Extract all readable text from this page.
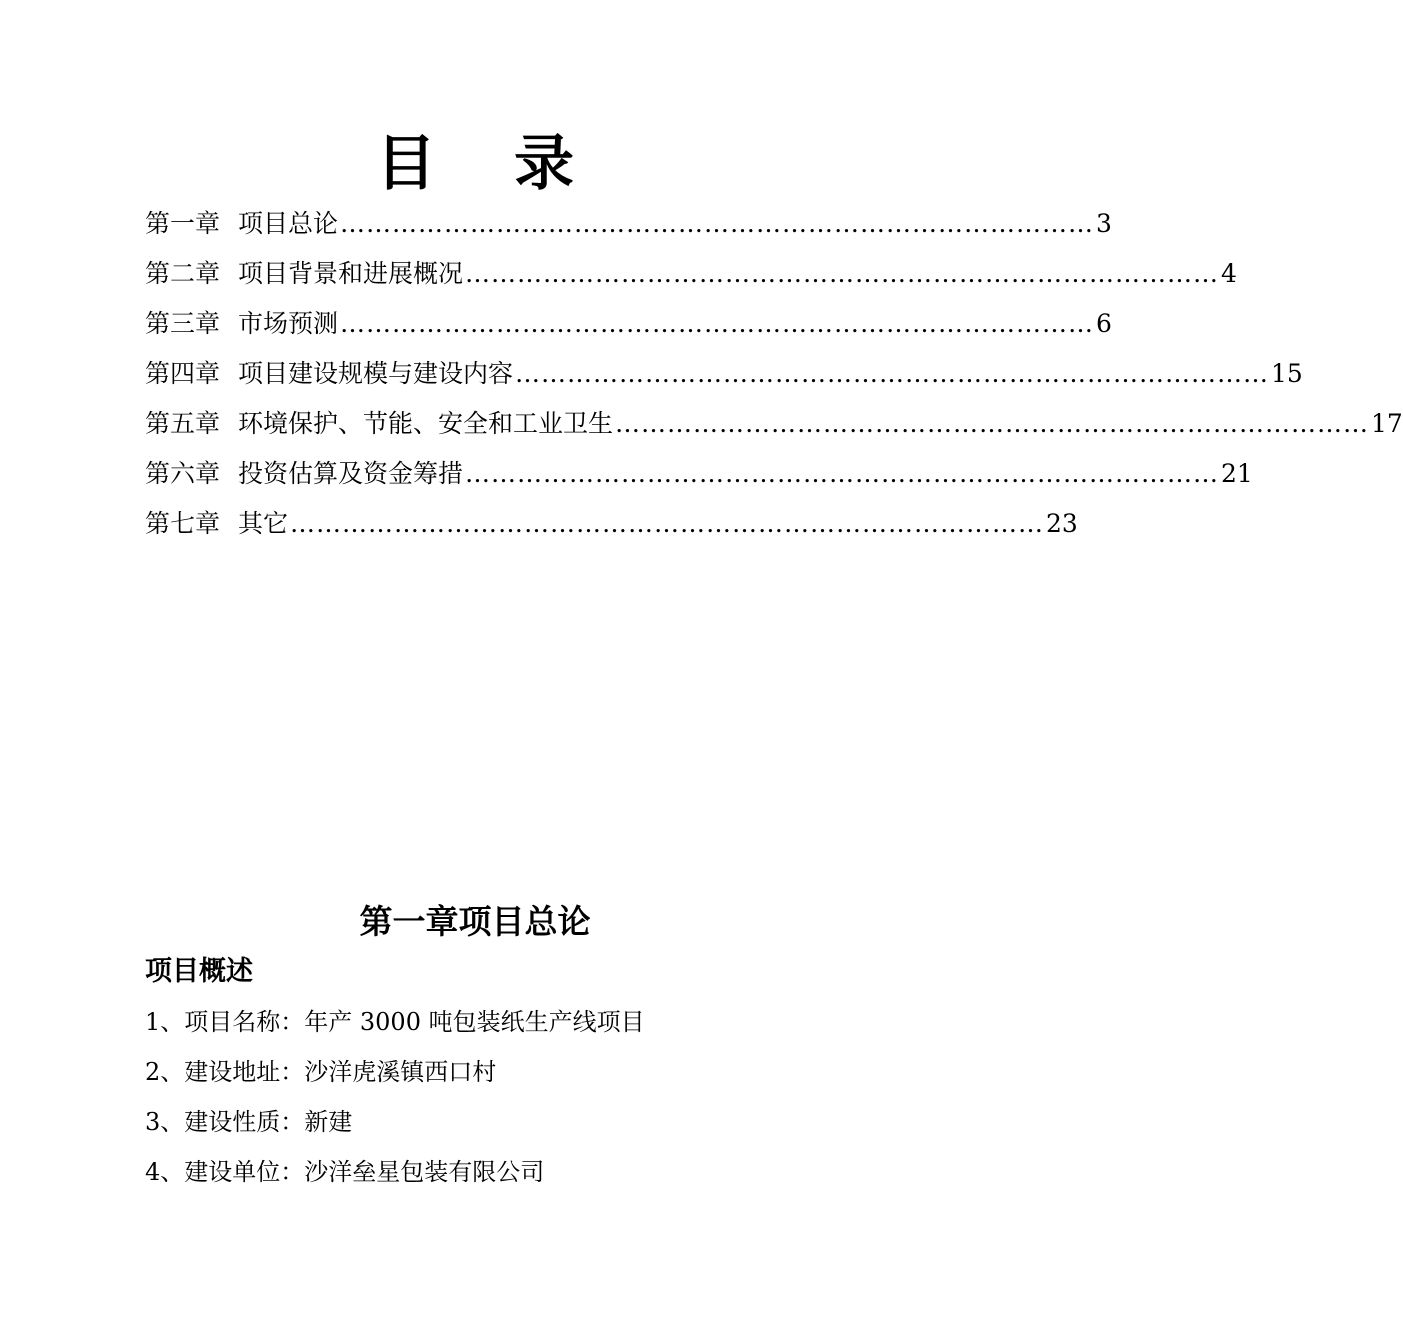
目 录
第一章 项目总论 …………………………………………………………………………… 3
第二章 项目背景和进展概况 …………………………………………………………………………… 4
第三章 市场预测 …………………………………………………………………………… 6
第四章 项目建设规模与建设内容 …………………………………………………………………………… 15
第五章 环境保护、节能、安全和工业卫生 …………………………………………………………………………… 17
第六章 投资估算及资金筹措 …………………………………………………………………………… 21
第七章 其它 …………………………………………………………………………… 23
第一章项目总论
项目概述
1、项目名称：年产 3000 吨包装纸生产线项目
2、建设地址：沙洋虎溪镇西口村
3、建设性质：新建
4、建设单位：沙洋垒星包装有限公司
